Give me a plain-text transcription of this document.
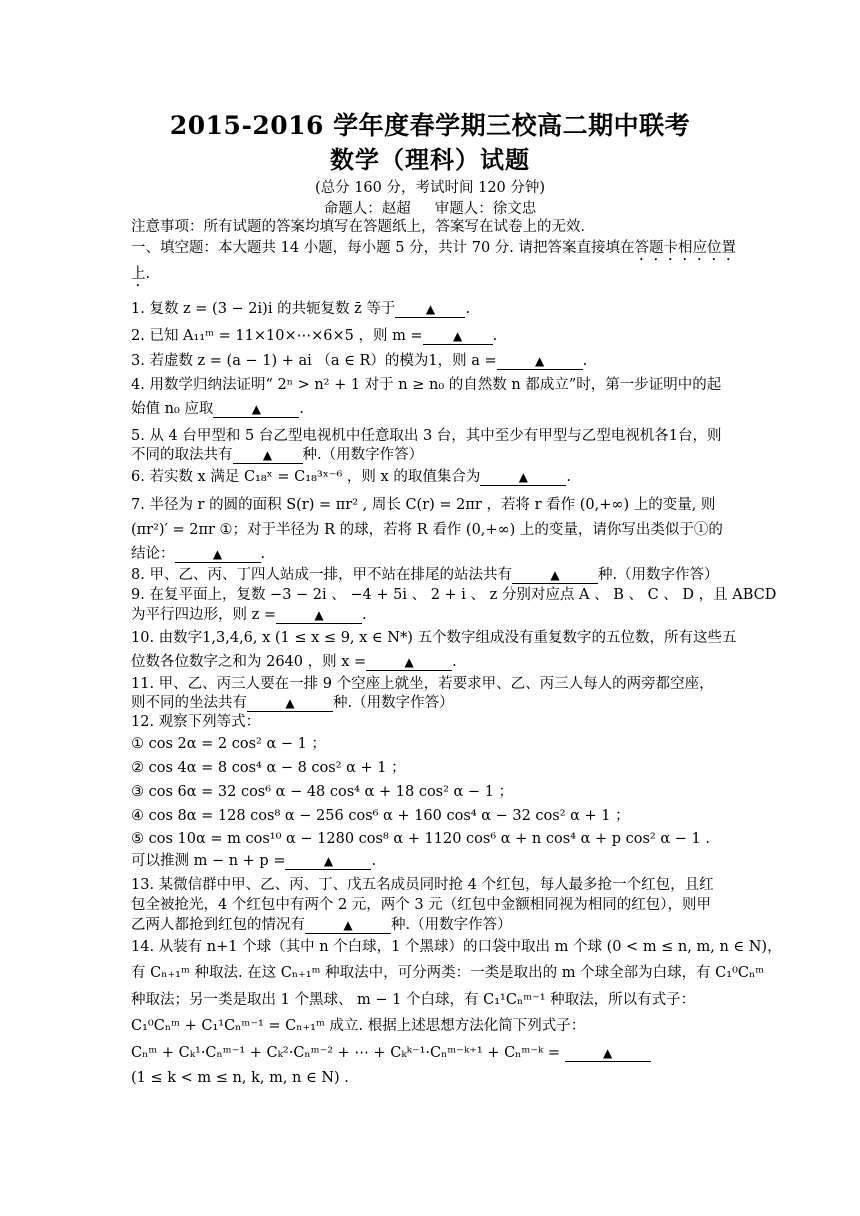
2015-2016 学年度春学期三校高二期中联考
数学（理科）试题
(总分 160 分，考试时间 120 分钟)
命题人：赵超 审题人：徐文忠
注意事项：所有试题的答案均填写在答题纸上，答案写在试卷上的无效．
一、填空题：本大题共 14 小题，每小题 5 分，共计 70 分. 请把答案直接填在答题卡相应位置上.
1. 复数 z = (3 − 2i)i 的共轭复数 z̄ 等于	▲ .
2. 已知 A₁₁ᵐ = 11×10×⋯×6×5 ，则 m =	▲ .
3. 若虚数 z = (a − 1) + ai （a ∈ R）的模为1，则 a =	▲	.
4. 用数学归纳法证明“ 2ⁿ > n² + 1 对于 n ≥ n₀ 的自然数 n 都成立”时，第一步证明中的起
始值 n₀ 应取	▲	.
5. 从 4 台甲型和 5 台乙型电视机中任意取出 3 台，其中至少有甲型与乙型电视机各1台，则
不同的取法共有	▲ 种.（用数字作答）
6. 若实数 x 满足 C₁₈ˣ = C₁₈³ˣ⁻⁶ ，则 x 的取值集合为	▲	.
7. 半径为 r 的圆的面积 S(r) = πr² , 周长 C(r) = 2πr ，若将 r 看作 (0,+∞) 上的变量, 则
(πr²)′ = 2πr ①；对于半径为 R 的球，若将 R 看作 (0,+∞) 上的变量，请你写出类似于①的
结论：	▲	.
8. 甲、乙、丙、丁四人站成一排，甲不站在排尾的站法共有	▲	种.（用数字作答）
9. 在复平面上，复数 −3 − 2i 、 −4 + 5i 、 2 + i 、 z 分别对应点 A 、 B 、 C 、 D ，且 ABCD
为平行四边形，则 z =	▲	.
10. 由数字1,3,4,6, x (1 ≤ x ≤ 9, x ∈ N*) 五个数字组成没有重复数字的五位数，所有这些五
位数各位数字之和为 2640 ，则 x =	▲	.
11. 甲、乙、丙三人要在一排 9 个空座上就坐，若要求甲、乙、丙三人每人的两旁都空座，
则不同的坐法共有	▲	种.（用数字作答）
12. 观察下列等式：
① cos 2α = 2 cos² α − 1 ；
② cos 4α = 8 cos⁴ α − 8 cos² α + 1 ；
③ cos 6α = 32 cos⁶ α − 48 cos⁴ α + 18 cos² α − 1 ；
④ cos 8α = 128 cos⁸ α − 256 cos⁶ α + 160 cos⁴ α − 32 cos² α + 1 ；
⑤ cos 10α = m cos¹⁰ α − 1280 cos⁸ α + 1120 cos⁶ α + n cos⁴ α + p cos² α − 1 .
可以推测 m − n + p =	▲	.
13. 某微信群中甲、乙、丙、丁、戊五名成员同时抢 4 个红包，每人最多抢一个红包，且红
包全被抢光，4 个红包中有两个 2 元，两个 3 元（红包中金额相同视为相同的红包），则甲
乙两人都抢到红包的情况有	▲	种.（用数字作答）
14. 从装有 n+1 个球（其中 n 个白球，1 个黑球）的口袋中取出 m 个球 (0 < m ≤ n, m, n ∈ N)，
有 Cₙ₊₁ᵐ 种取法. 在这 Cₙ₊₁ᵐ 种取法中，可分两类：一类是取出的 m 个球全部为白球，有 C₁⁰Cₙᵐ
种取法；另一类是取出 1 个黑球、 m − 1 个白球，有 C₁¹Cₙᵐ⁻¹ 种取法，所以有式子：
C₁⁰Cₙᵐ + C₁¹Cₙᵐ⁻¹ = Cₙ₊₁ᵐ 成立. 根据上述思想方法化简下列式子：
Cₙᵐ + Cₖ¹·Cₙᵐ⁻¹ + Cₖ²·Cₙᵐ⁻² + ⋯ + Cₖᵏ⁻¹·Cₙᵐ⁻ᵏ⁺¹ + Cₙᵐ⁻ᵏ =	▲
(1 ≤ k < m ≤ n, k, m, n ∈ N) .
